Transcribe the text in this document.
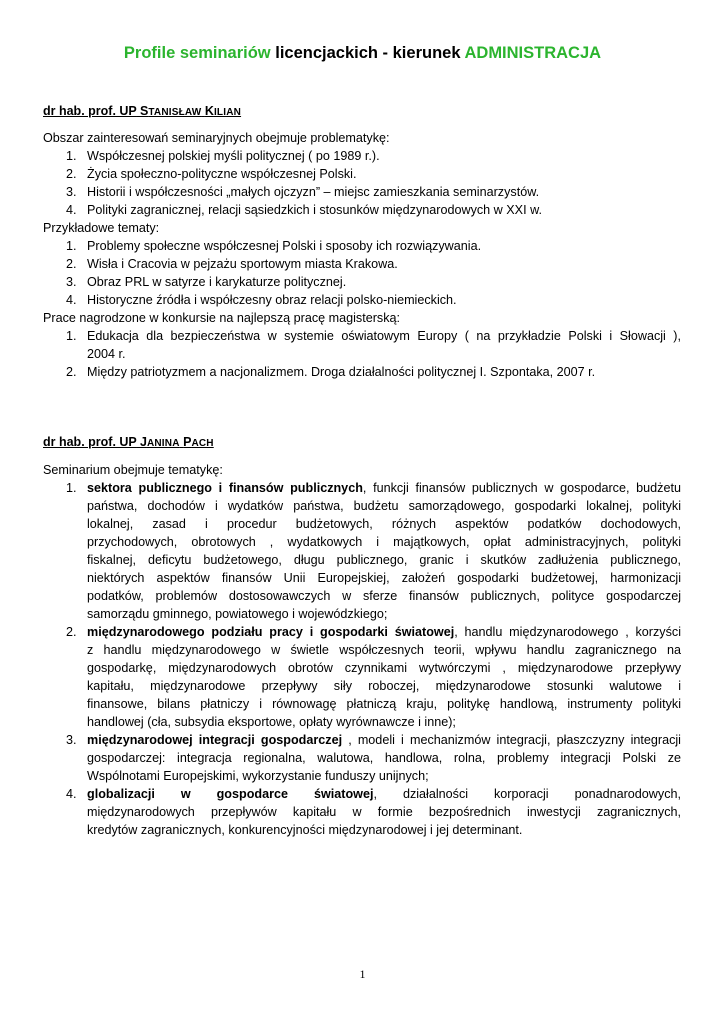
Profile seminariów licencjackich - kierunek ADMINISTRACJA
dr hab. prof. UP STANISŁAW KILIAN
Obszar zainteresowań seminaryjnych obejmuje problematykę:
1. Współczesnej polskiej myśli politycznej ( po 1989 r.).
2. Życia społeczno-polityczne współczesnej Polski.
3. Historii i współczesności „małych ojczyzn” – miejsc zamieszkania seminarzystów.
4. Polityki zagranicznej, relacji sąsiedzkich i stosunków międzynarodowych w XXI w.
Przykładowe tematy:
1. Problemy społeczne współczesnej Polski i sposoby ich rozwiązywania.
2. Wisła i Cracovia w pejzażu sportowym miasta Krakowa.
3. Obraz PRL w satyrze i karykaturze politycznej.
4. Historyczne źródła i współczesny obraz relacji polsko-niemieckich.
Prace nagrodzone w konkursie na najlepszą pracę magisterską:
1. Edukacja dla bezpieczeństwa w systemie oświatowym Europy ( na przykładzie Polski i Słowacji ),
2004 r.
2. Między patriotyzmem a nacjonalizmem. Droga działalności politycznej I. Szpontaka, 2007 r.
dr hab. prof. UP JANINA PACH
Seminarium obejmuje tematykę:
1. sektora publicznego i finansów publicznych, funkcji finansów publicznych w gospodarce, budżetu
państwa, dochodów i wydatków państwa, budżetu samorządowego, gospodarki lokalnej, polityki
lokalnej, zasad i procedur budżetowych, różnych aspektów podatków dochodowych,
przychodowych, obrotowych , wydatkowych i majątkowych, opłat administracyjnych, polityki
fiskalnej, deficytu budżetowego, długu publicznego, granic i skutków zadłużenia publicznego,
niektórych aspektów finansów Unii Europejskiej, założeń gospodarki budżetowej, harmonizacji
podatków, problemów dostosowawczych w sferze finansów publicznych, polityce gospodarczej
samorządu gminnego, powiatowego i wojewódzkiego;
2. międzynarodowego podziału pracy i gospodarki światowej, handlu międzynarodowego , korzyści
z handlu międzynarodowego w świetle współczesnych teorii, wpływu handlu zagranicznego na
gospodarkę, międzynarodowych obrotów czynnikami wytwórczymi , międzynarodowe przepływy
kapitału, międzynarodowe przepływy siły roboczej, międzynarodowe stosunki walutowe i
finansowe, bilans płatniczy i równowagę płatniczą kraju, politykę handlową, instrumenty polityki
handlowej (cła, subsydia eksportowe, opłaty wyrównawcze i inne);
3. międzynarodowej integracji gospodarczej , modeli i mechanizmów integracji, płaszczyzny integracji
gospodarczej: integracja regionalna, walutowa, handlowa, rolna, problemy integracji Polski ze
Wspólnotami Europejskimi, wykorzystanie funduszy unijnych;
4. globalizacji w gospodarce światowej, działalności korporacji ponadnarodowych,
międzynarodowych przepływów kapitału w formie bezpośrednich inwestycji zagranicznych,
kredytów zagranicznych, konkurencyjności międzynarodowej i jej determinant.
1
